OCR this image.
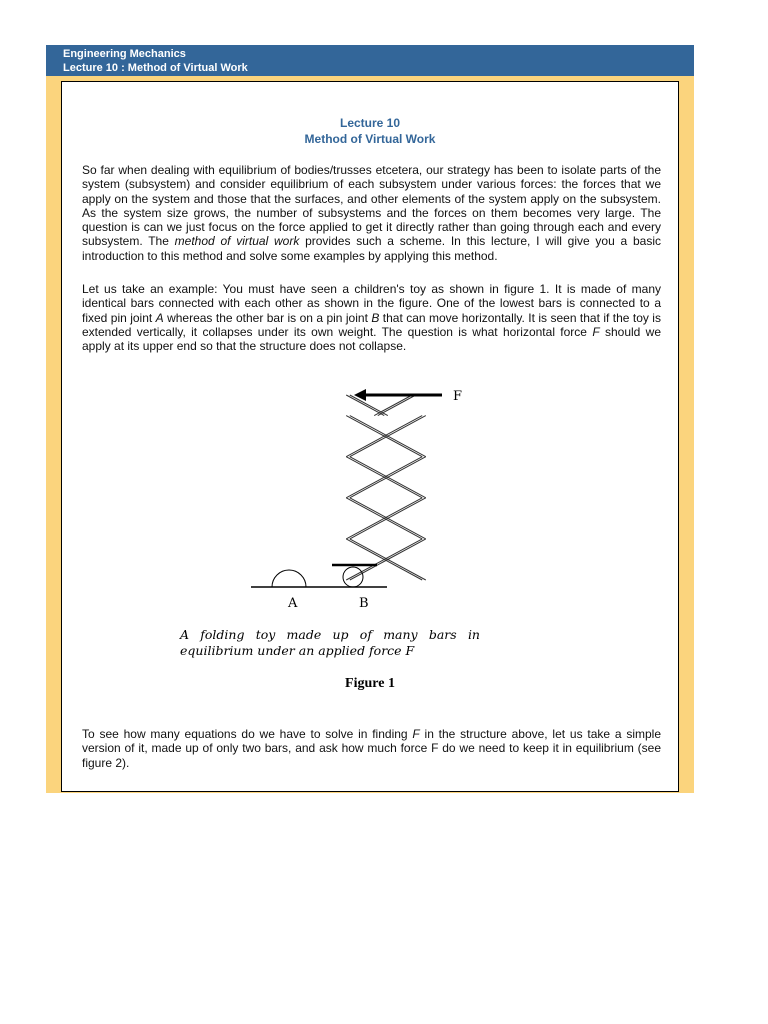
Engineering Mechanics
Lecture 10 : Method of Virtual Work
Lecture 10
Method of Virtual Work

So far when dealing with equilibrium of bodies/trusses etcetera, our strategy has been to isolate parts of the system (subsystem) and consider equilibrium of each subsystem under various forces: the forces that we apply on the system and those that the surfaces, and other elements of the system apply on the subsystem. As the system size grows, the number of subsystems and the forces on them becomes very large. The question is can we just focus on the force applied to get it directly rather than going through each and every subsystem. The method of virtual work provides such a scheme. In this lecture, I will give you a basic introduction to this method and solve some examples by applying this method.

Let us take an example: You must have seen a children's toy as shown in figure 1. It is made of many identical bars connected with each other as shown in the figure. One of the lowest bars is connected to a fixed pin joint A whereas the other bar is on a pin joint B that can move horizontally. It is seen that if the toy is extended vertically, it collapses under its own weight. The question is what horizontal force F should we apply at its upper end so that the structure does not collapse.

F
A	B
A folding toy made up of many bars in equilibrium under an applied force F
Figure 1

To see how many equations do we have to solve in finding F in the structure above, let us take a simple version of it, made up of only two bars, and ask how much force F do we need to keep it in equilibrium (see figure 2).
